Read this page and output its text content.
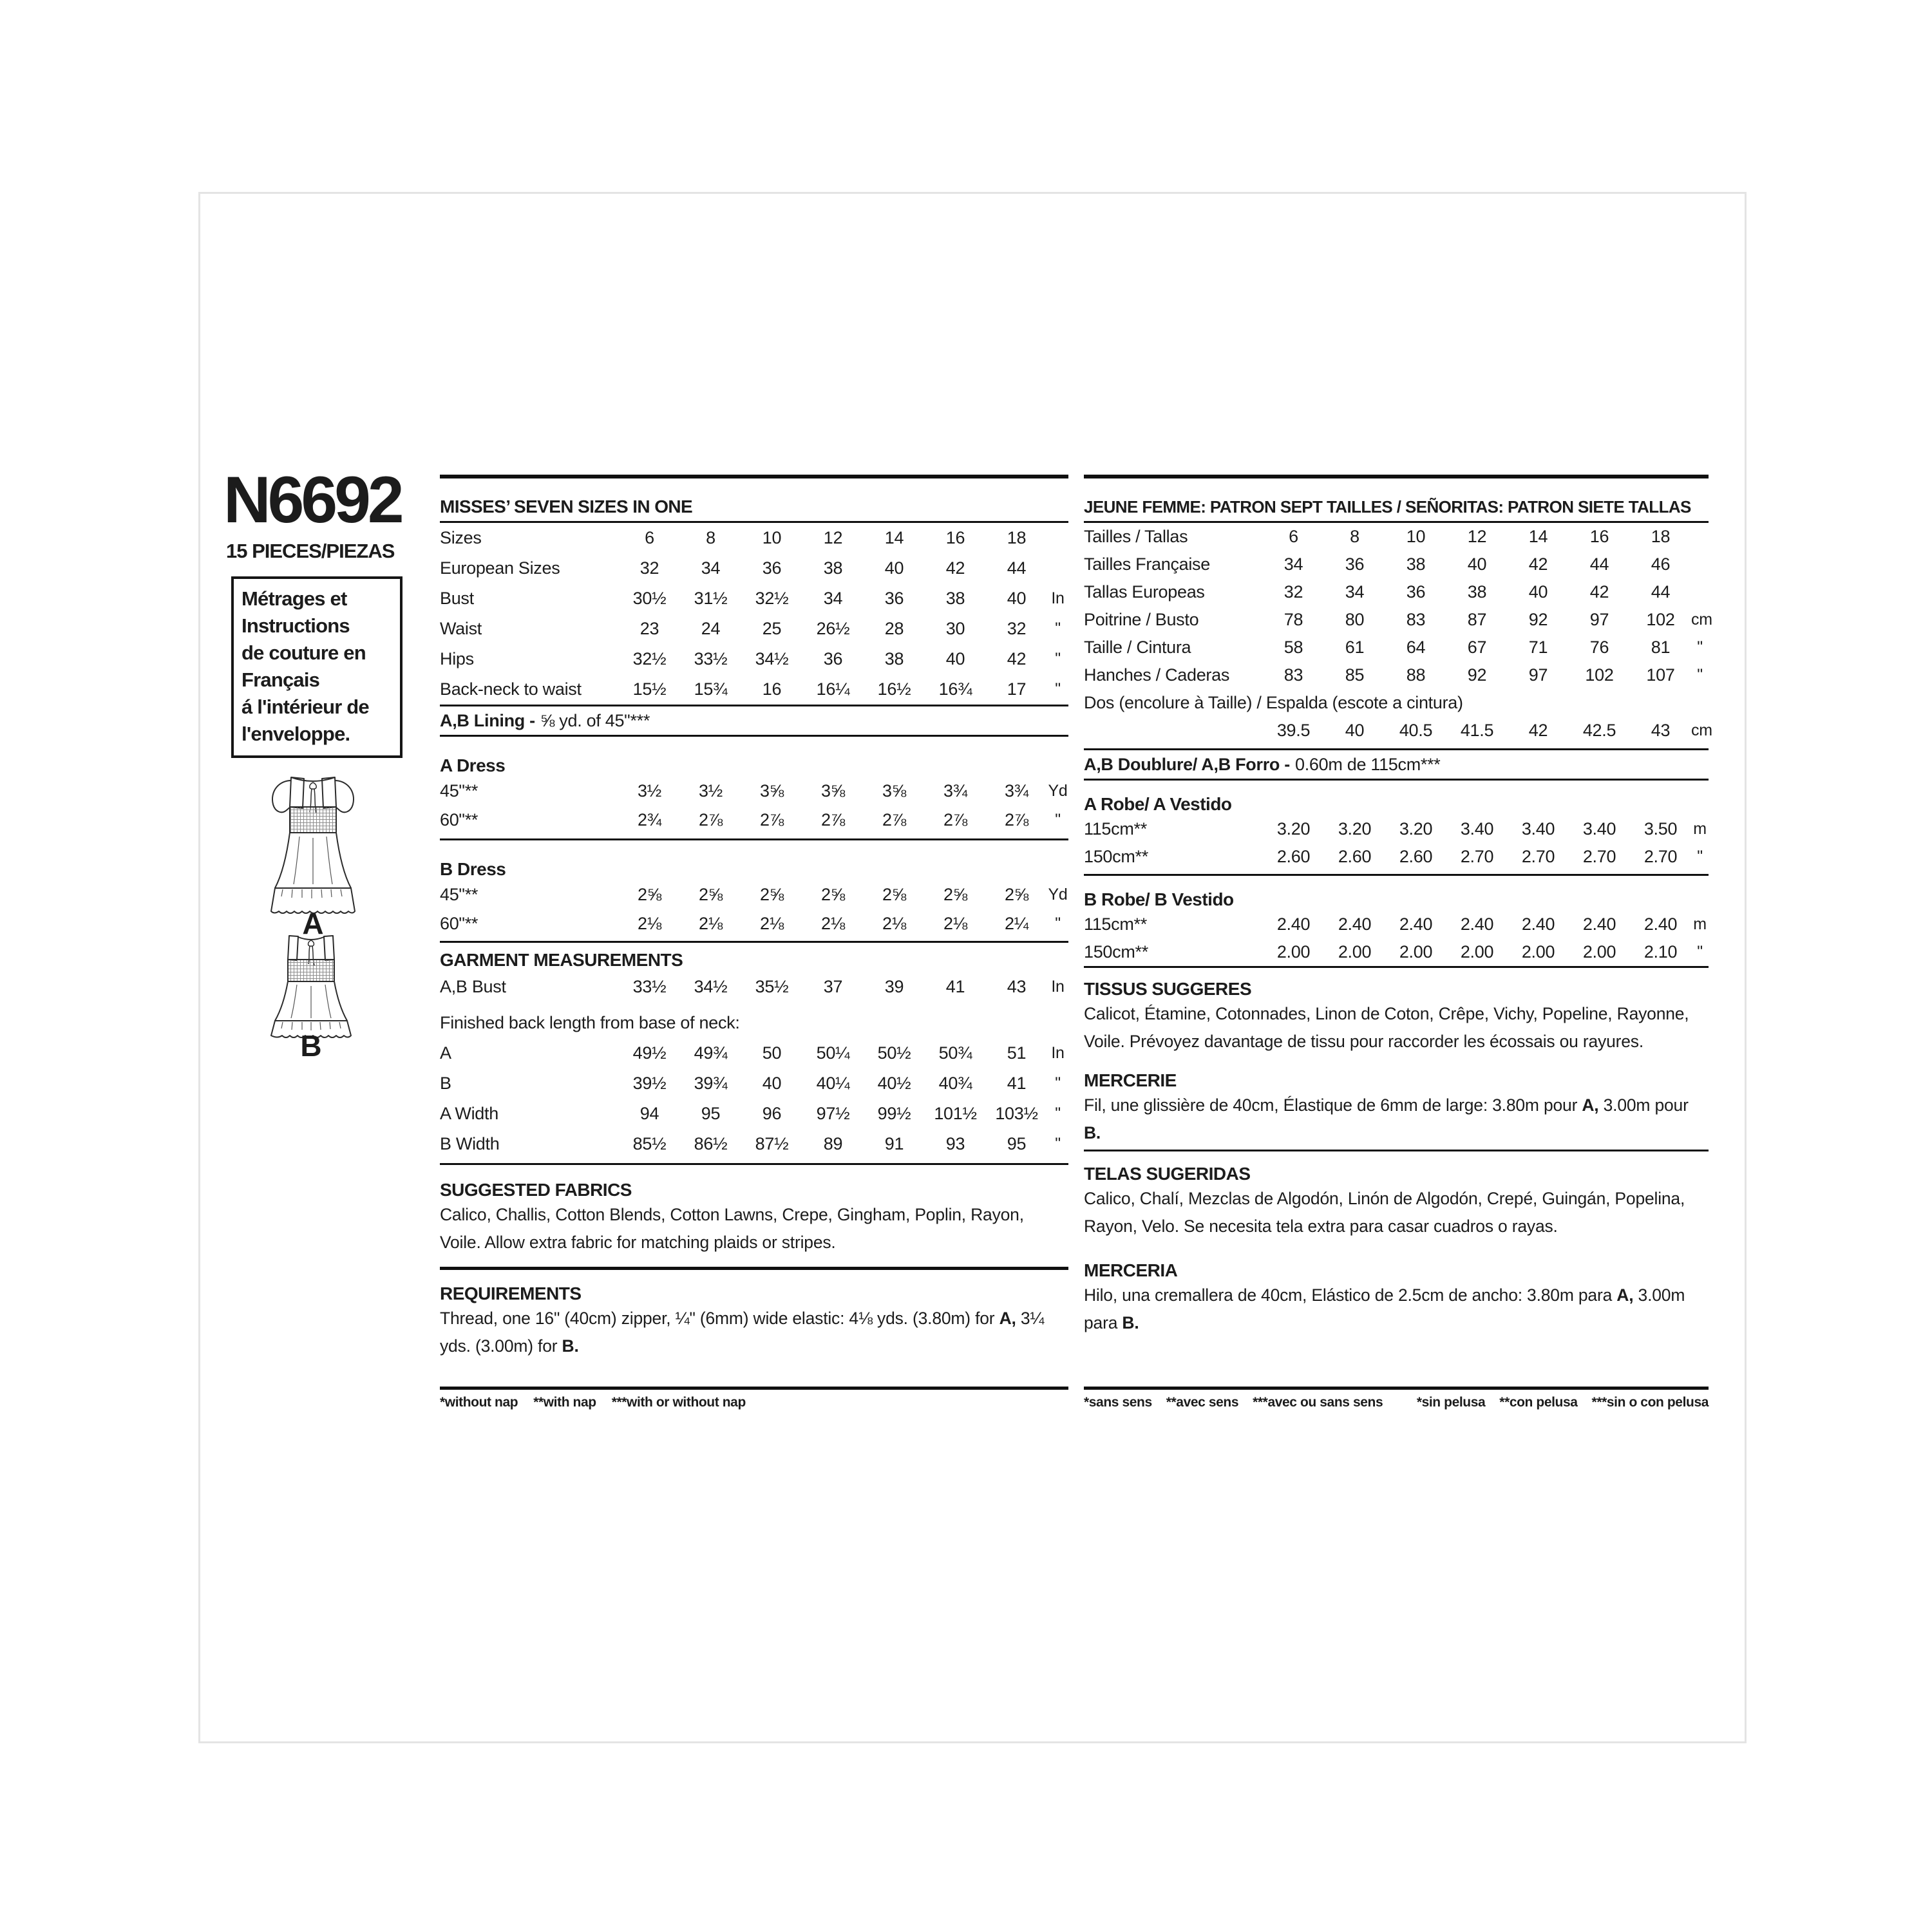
N6692
15 PIECES/PIEZAS
Métrages et
Instructions
de couture en
Français
á l'intérieur de
l'enveloppe.
A
B
MISSES’ SEVEN SIZES IN ONE
Sizes	6	8	10	12	14	16	18
European Sizes	32	34	36	38	40	42	44
Bust	30½	31½	32½	34	36	38	40	In
Waist	23	24	25	26½	28	30	32	"
Hips	32½	33½	34½	36	38	40	42	"
Back-neck to waist	15½	15¾	16	16¼	16½	16¾	17	"
A,B Lining - ⅝ yd. of 45"***
A Dress
45"**	3½	3½	3⅝	3⅝	3⅝	3¾	3¾	Yd
60"**	2¾	2⅞	2⅞	2⅞	2⅞	2⅞	2⅞	"
B Dress
45"**	2⅝	2⅝	2⅝	2⅝	2⅝	2⅝	2⅝	Yd
60"**	2⅛	2⅛	2⅛	2⅛	2⅛	2⅛	2¼	"
GARMENT MEASUREMENTS
A,B Bust	33½	34½	35½	37	39	41	43	In
Finished back length from base of neck:
A	49½	49¾	50	50¼	50½	50¾	51	In
B	39½	39¾	40	40¼	40½	40¾	41	"
A Width	94	95	96	97½	99½	101½	103½	"
B Width	85½	86½	87½	89	91	93	95	"
SUGGESTED FABRICS
Calico, Challis, Cotton Blends, Cotton Lawns, Crepe, Gingham, Poplin, Rayon, Voile. Allow extra fabric for matching plaids or stripes.
REQUIREMENTS
Thread, one 16" (40cm) zipper, ¼" (6mm) wide elastic: 4⅛ yds. (3.80m) for A, 3¼ yds. (3.00m) for B.
JEUNE FEMME: PATRON SEPT TAILLES / SEÑORITAS: PATRON SIETE TALLAS
Tailles / Tallas	6	8	10	12	14	16	18
Tailles Française	34	36	38	40	42	44	46
Tallas Europeas	32	34	36	38	40	42	44
Poitrine / Busto	78	80	83	87	92	97	102	cm
Taille / Cintura	58	61	64	67	71	76	81	"
Hanches / Caderas	83	85	88	92	97	102	107	"
Dos (encolure à Taille) / Espalda (escote a cintura)
39.5	40	40.5	41.5	42	42.5	43	cm
A,B Doublure/ A,B Forro - 0.60m de 115cm***
A Robe/ A Vestido
115cm**	3.20	3.20	3.20	3.40	3.40	3.40	3.50	m
150cm**	2.60	2.60	2.60	2.70	2.70	2.70	2.70	"
B Robe/ B Vestido
115cm**	2.40	2.40	2.40	2.40	2.40	2.40	2.40	m
150cm**	2.00	2.00	2.00	2.00	2.00	2.00	2.10	"
TISSUS SUGGERES
Calicot, Étamine, Cotonnades, Linon de Coton, Crêpe, Vichy, Popeline, Rayonne, Voile. Prévoyez davantage de tissu pour raccorder les écossais ou rayures.
MERCERIE
Fil, une glissière de 40cm, Élastique de 6mm de large: 3.80m pour A, 3.00m pour B.
TELAS SUGERIDAS
Calico, Chalí, Mezclas de Algodón, Linón de Algodón, Crepé, Guingán, Popelina, Rayon, Velo. Se necesita tela extra para casar cuadros o rayas.
MERCERIA
Hilo, una cremallera de 40cm, Elástico de 2.5cm de ancho: 3.80m para A, 3.00m para B.
*without nap **with nap ***with or without nap	*sans sens **avec sens ***avec ou sans sens	*sin pelusa **con pelusa ***sin o con pelusa
